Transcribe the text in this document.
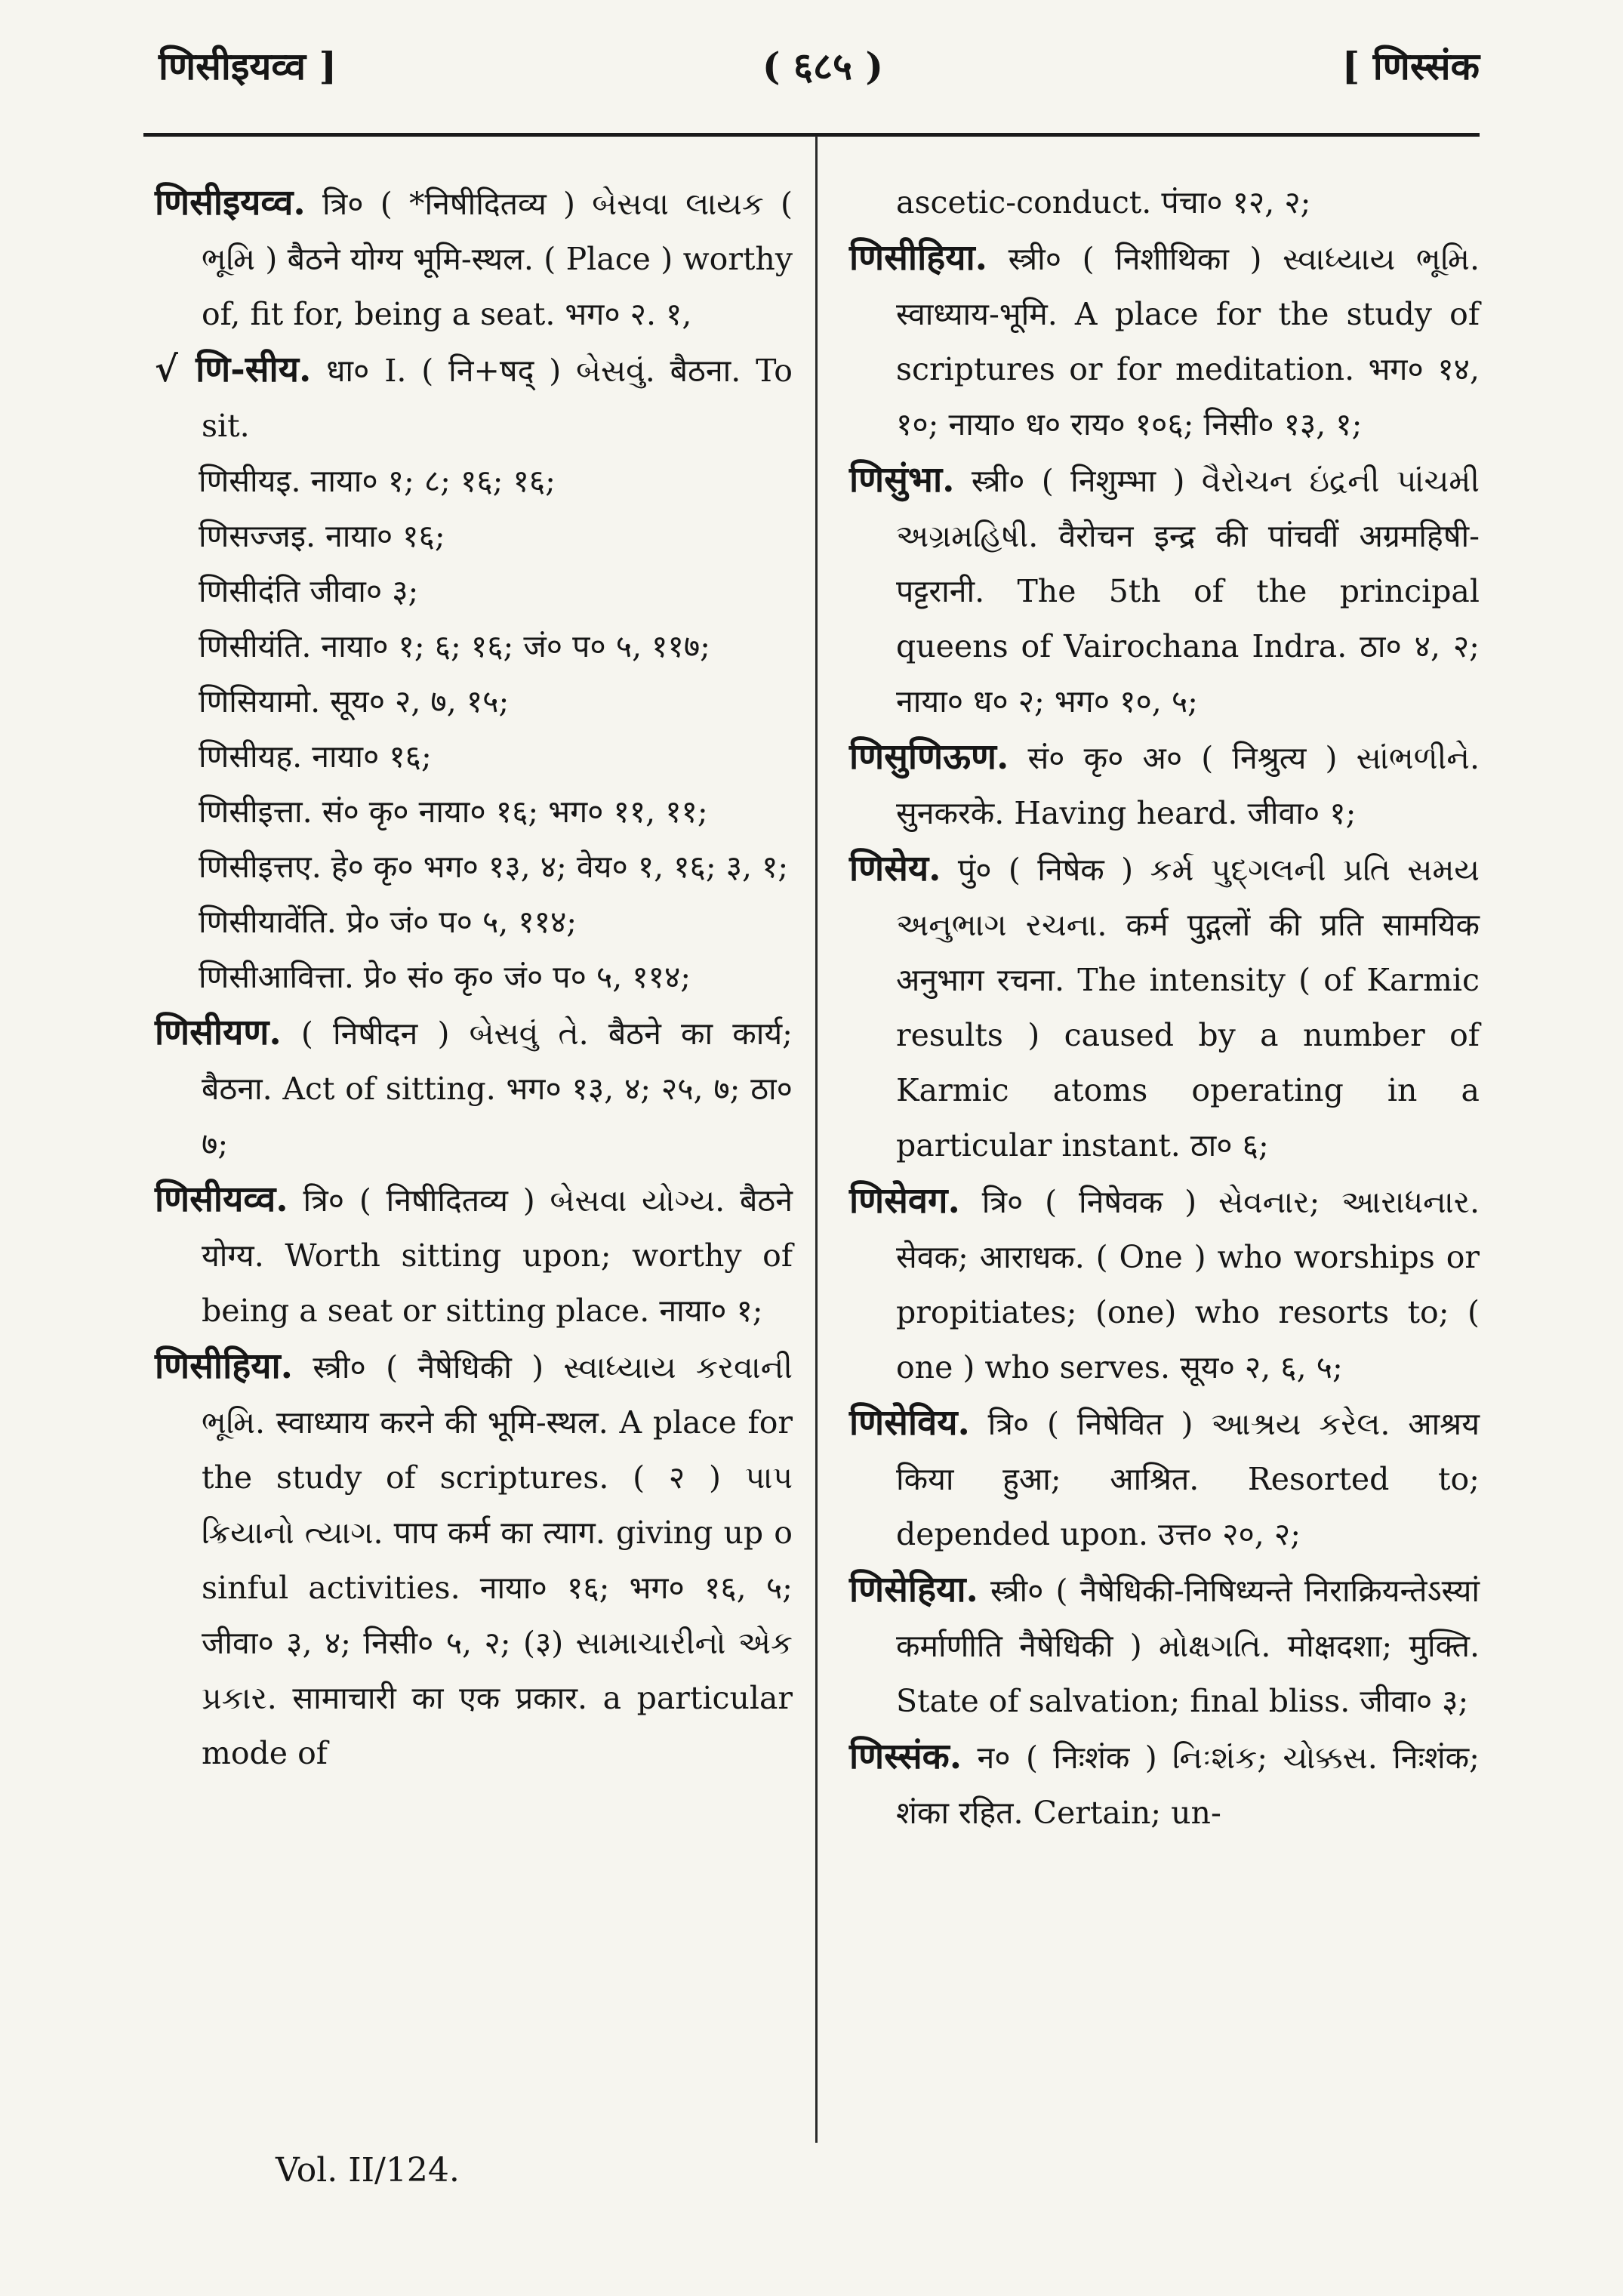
णिसीइयव्व ]	( ६८५ )	[ णिस्संक

णिसीइयव्व. त्रि० ( *निषीदितव्य ) બેસવા લાયક ( ભૂમિ ) बैठने योग्य भूमि-स्थल. ( Place ) worthy of, fit for, being a seat. भग० २. १,

√ णि-सीय. धा० I. ( नि+षद् ) બેસવું. बैठना. To sit.

णिसीयइ. नाया० १; ८; १६; १६;

णिसज्जइ. नाया० १६;

णिसीदंति जीवा० ३;

णिसीयंति. नाया० १; ६; १६; जं० प० ५, ११७;

णिसियामो. सूय० २, ७, १५;

णिसीयह. नाया० १६;

णिसीइत्ता. सं० कृ० नाया० १६; भग० ११, ११;

णिसीइत्तए. हे० कृ० भग० १३, ४; वेय० १, १६; ३, १;

णिसीयावेंति. प्रे० जं० प० ५, ११४;

णिसीआवित्ता. प्रे० सं० कृ० जं० प० ५, ११४;

णिसीयण. ( निषीदन ) બેસવું તે. बैठने का कार्य; बैठना. Act of sitting. भग० १३, ४; २५, ७; ठा० ७;

णिसीयव्व. त्रि० ( निषीदितव्य ) બેસવા યોગ્ય. बैठने योग्य. Worth sitting upon; worthy of being a seat or sitting place. नाया० १;

णिसीहिया. स्त्री० ( नैषेधिकी ) સ્વાધ્યાય કરવાની ભૂમિ. स्वाध्याय करने की भूमि-स्थल. A place for the study of scriptures. ( २ ) પાપ ક્રિયાનો ત્યાગ. पाप कर्म का त्याग. giving up o sinful activities. नाया० १६; भग० १६, ५; जीवा० ३, ४; निसी० ५, २; (३) સામાચારીનો એક પ્રકાર. सामाचारी का एक प्रकार. a particular mode of

ascetic-conduct. पंचा० १२, २;

णिसीहिया. स्त्री० ( निशीथिका ) સ્વાધ્યાય ભૂમિ. स्वाध्याय-भूमि. A place for the study of scriptures or for meditation. भग० १४, १०; नाया० ध० राय० १०६; निसी० १३, १;

णिसुंभा. स्त्री० ( निशुम्भा ) વૈરોચન ઇંદ્રની પાંચમી અગ્રમહિષી. वैरोचन इन्द्र की पांचवीं अग्रमहिषी-पट्टरानी. The 5th of the principal queens of Vairochana Indra. ठा० ४, २; नाया० ध० २; भग० १०, ५;

णिसुणिऊण. सं० कृ० अ० ( निश्रुत्य ) સાંભળીને. सुनकरके. Having heard. जीवा० १;

णिसेय. पुं० ( निषेक ) કર્મ પુદ્ગલની પ્રતિ સમય અનુભાગ રચના. कर्म पुद्गलों की प्रति सामयिक अनुभाग रचना. The intensity ( of Karmic results ) caused by a number of Karmic atoms operating in a particular instant. ठा० ६;

णिसेवग. त्रि० ( निषेवक ) સેવનાર; આરાધનાર. सेवक; आराधक. ( One ) who worships or propitiates; (one) who resorts to; ( one ) who serves. सूय० २, ६, ५;

णिसेविय. त्रि० ( निषेवित ) આશ્રય કરેલ. आश्रय किया हुआ; आश्रित. Resorted to; depended upon. उत्त० २०, २;

णिसेहिया. स्त्री० ( नैषेधिकी-निषिध्यन्ते निराक्रियन्तेऽस्यां कर्माणीति नैषेधिकी ) મોક્ષગતિ. मोक्षदशा; मुक्ति. State of salvation; final bliss. जीवा० ३;

णिस्संक. न० ( निःशंक ) નિઃશંક; ચોક્કસ. निःशंक; शंका रहित. Certain; un-

Vol. II/124.
